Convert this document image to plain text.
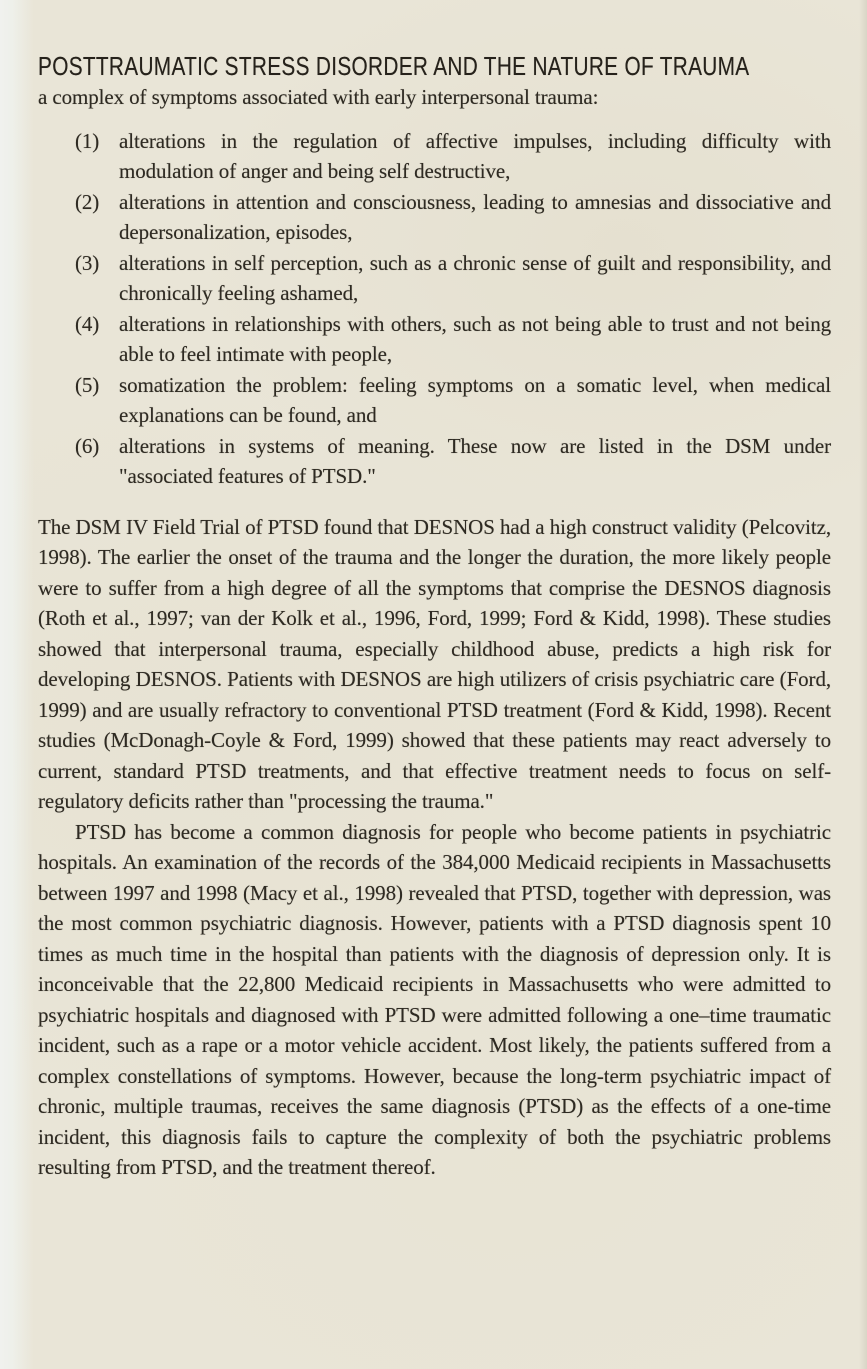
POSTTRAUMATIC STRESS DISORDER AND THE NATURE OF TRAUMA

a complex of symptoms associated with early interpersonal trauma:

(1) alterations in the regulation of affective impulses, including difficulty with modulation of anger and being self destructive,
(2) alterations in attention and consciousness, leading to amnesias and dissociative and depersonalization, episodes,
(3) alterations in self perception, such as a chronic sense of guilt and responsibility, and chronically feeling ashamed,
(4) alterations in relationships with others, such as not being able to trust and not being able to feel intimate with people,
(5) somatization the problem: feeling symptoms on a somatic level, when medical explanations can be found, and
(6) alterations in systems of meaning. These now are listed in the DSM under "associated features of PTSD."

The DSM IV Field Trial of PTSD found that DESNOS had a high construct validity (Pelcovitz, 1998). The earlier the onset of the trauma and the longer the duration, the more likely people were to suffer from a high degree of all the symptoms that comprise the DESNOS diagnosis (Roth et al., 1997; van der Kolk et al., 1996, Ford, 1999; Ford & Kidd, 1998). These studies showed that interpersonal trauma, especially childhood abuse, predicts a high risk for developing DESNOS. Patients with DESNOS are high utilizers of crisis psychiatric care (Ford, 1999) and are usually refractory to conventional PTSD treatment (Ford & Kidd, 1998). Recent studies (McDonagh-Coyle & Ford, 1999) showed that these patients may react adversely to current, standard PTSD treatments, and that effective treatment needs to focus on self-regulatory deficits rather than "processing the trauma."

PTSD has become a common diagnosis for people who become patients in psychiatric hospitals. An examination of the records of the 384,000 Medicaid recipients in Massachusetts between 1997 and 1998 (Macy et al., 1998) revealed that PTSD, together with depression, was the most common psychiatric diagnosis. However, patients with a PTSD diagnosis spent 10 times as much time in the hospital than patients with the diagnosis of depression only. It is inconceivable that the 22,800 Medicaid recipients in Massachusetts who were admitted to psychiatric hospitals and diagnosed with PTSD were admitted following a one–time traumatic incident, such as a rape or a motor vehicle accident. Most likely, the patients suffered from a complex constellations of symptoms. However, because the long-term psychiatric impact of chronic, multiple traumas, receives the same diagnosis (PTSD) as the effects of a one-time incident, this diagnosis fails to capture the complexity of both the psychiatric problems resulting from PTSD, and the treatment thereof.
